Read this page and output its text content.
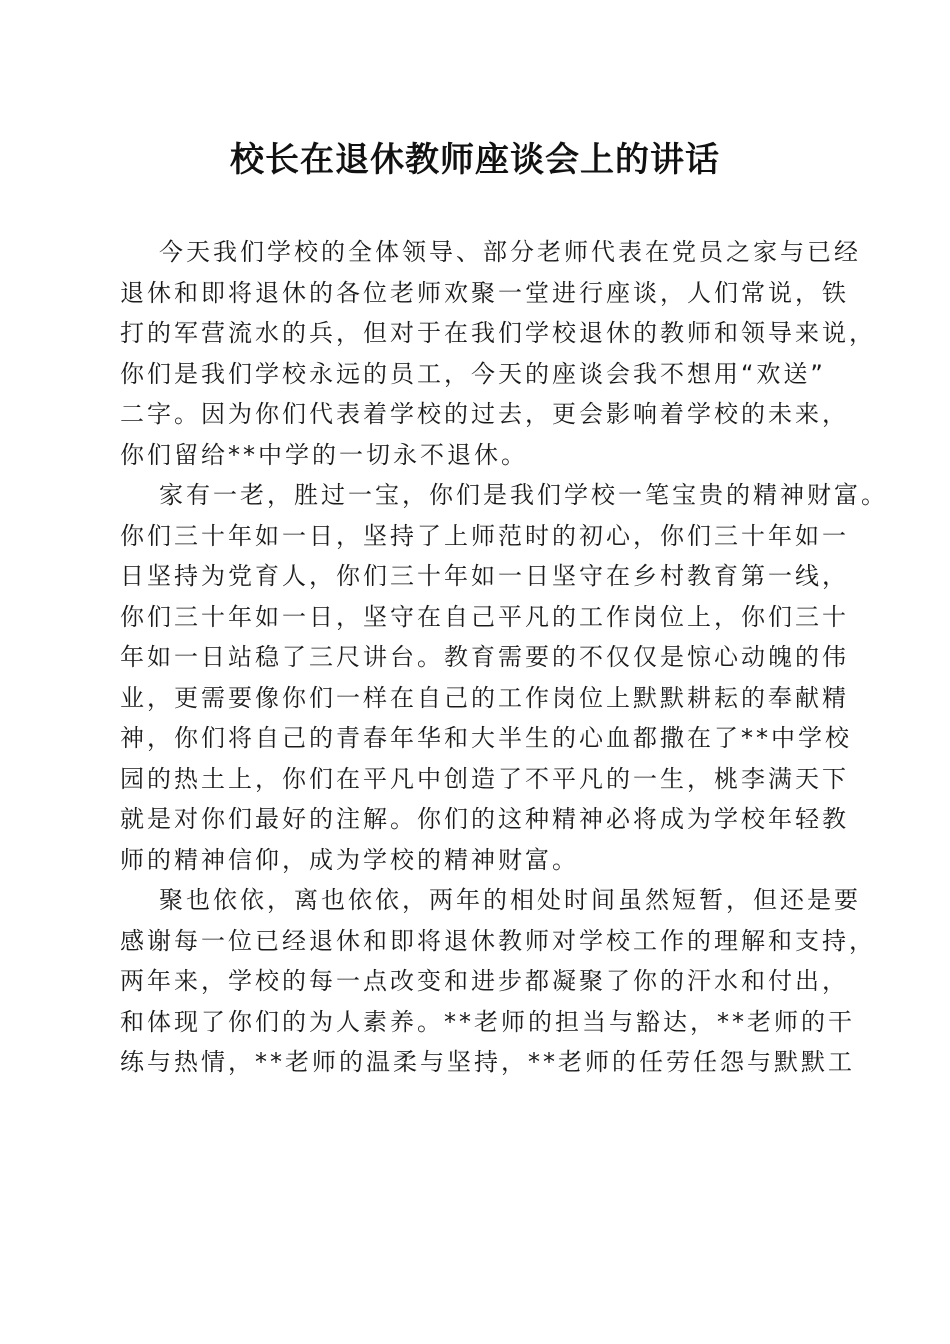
校长在退休教师座谈会上的讲话
今天我们学校的全体领导、部分老师代表在党员之家与已经
退休和即将退休的各位老师欢聚一堂进行座谈，人们常说，铁
打的军营流水的兵，但对于在我们学校退休的教师和领导来说，
你们是我们学校永远的员工，今天的座谈会我不想用“欢送”
二字。因为你们代表着学校的过去，更会影响着学校的未来，
你们留给**中学的一切永不退休。
家有一老，胜过一宝，你们是我们学校一笔宝贵的精神财富。
你们三十年如一日，坚持了上师范时的初心，你们三十年如一
日坚持为党育人，你们三十年如一日坚守在乡村教育第一线，
你们三十年如一日，坚守在自己平凡的工作岗位上，你们三十
年如一日站稳了三尺讲台。教育需要的不仅仅是惊心动魄的伟
业，更需要像你们一样在自己的工作岗位上默默耕耘的奉献精
神，你们将自己的青春年华和大半生的心血都撒在了**中学校
园的热土上，你们在平凡中创造了不平凡的一生，桃李满天下
就是对你们最好的注解。你们的这种精神必将成为学校年轻教
师的精神信仰，成为学校的精神财富。
聚也依依，离也依依，两年的相处时间虽然短暂，但还是要
感谢每一位已经退休和即将退休教师对学校工作的理解和支持，
两年来，学校的每一点改变和进步都凝聚了你的汗水和付出，
和体现了你们的为人素养。**老师的担当与豁达，**老师的干
练与热情，**老师的温柔与坚持，**老师的任劳任怨与默默工
